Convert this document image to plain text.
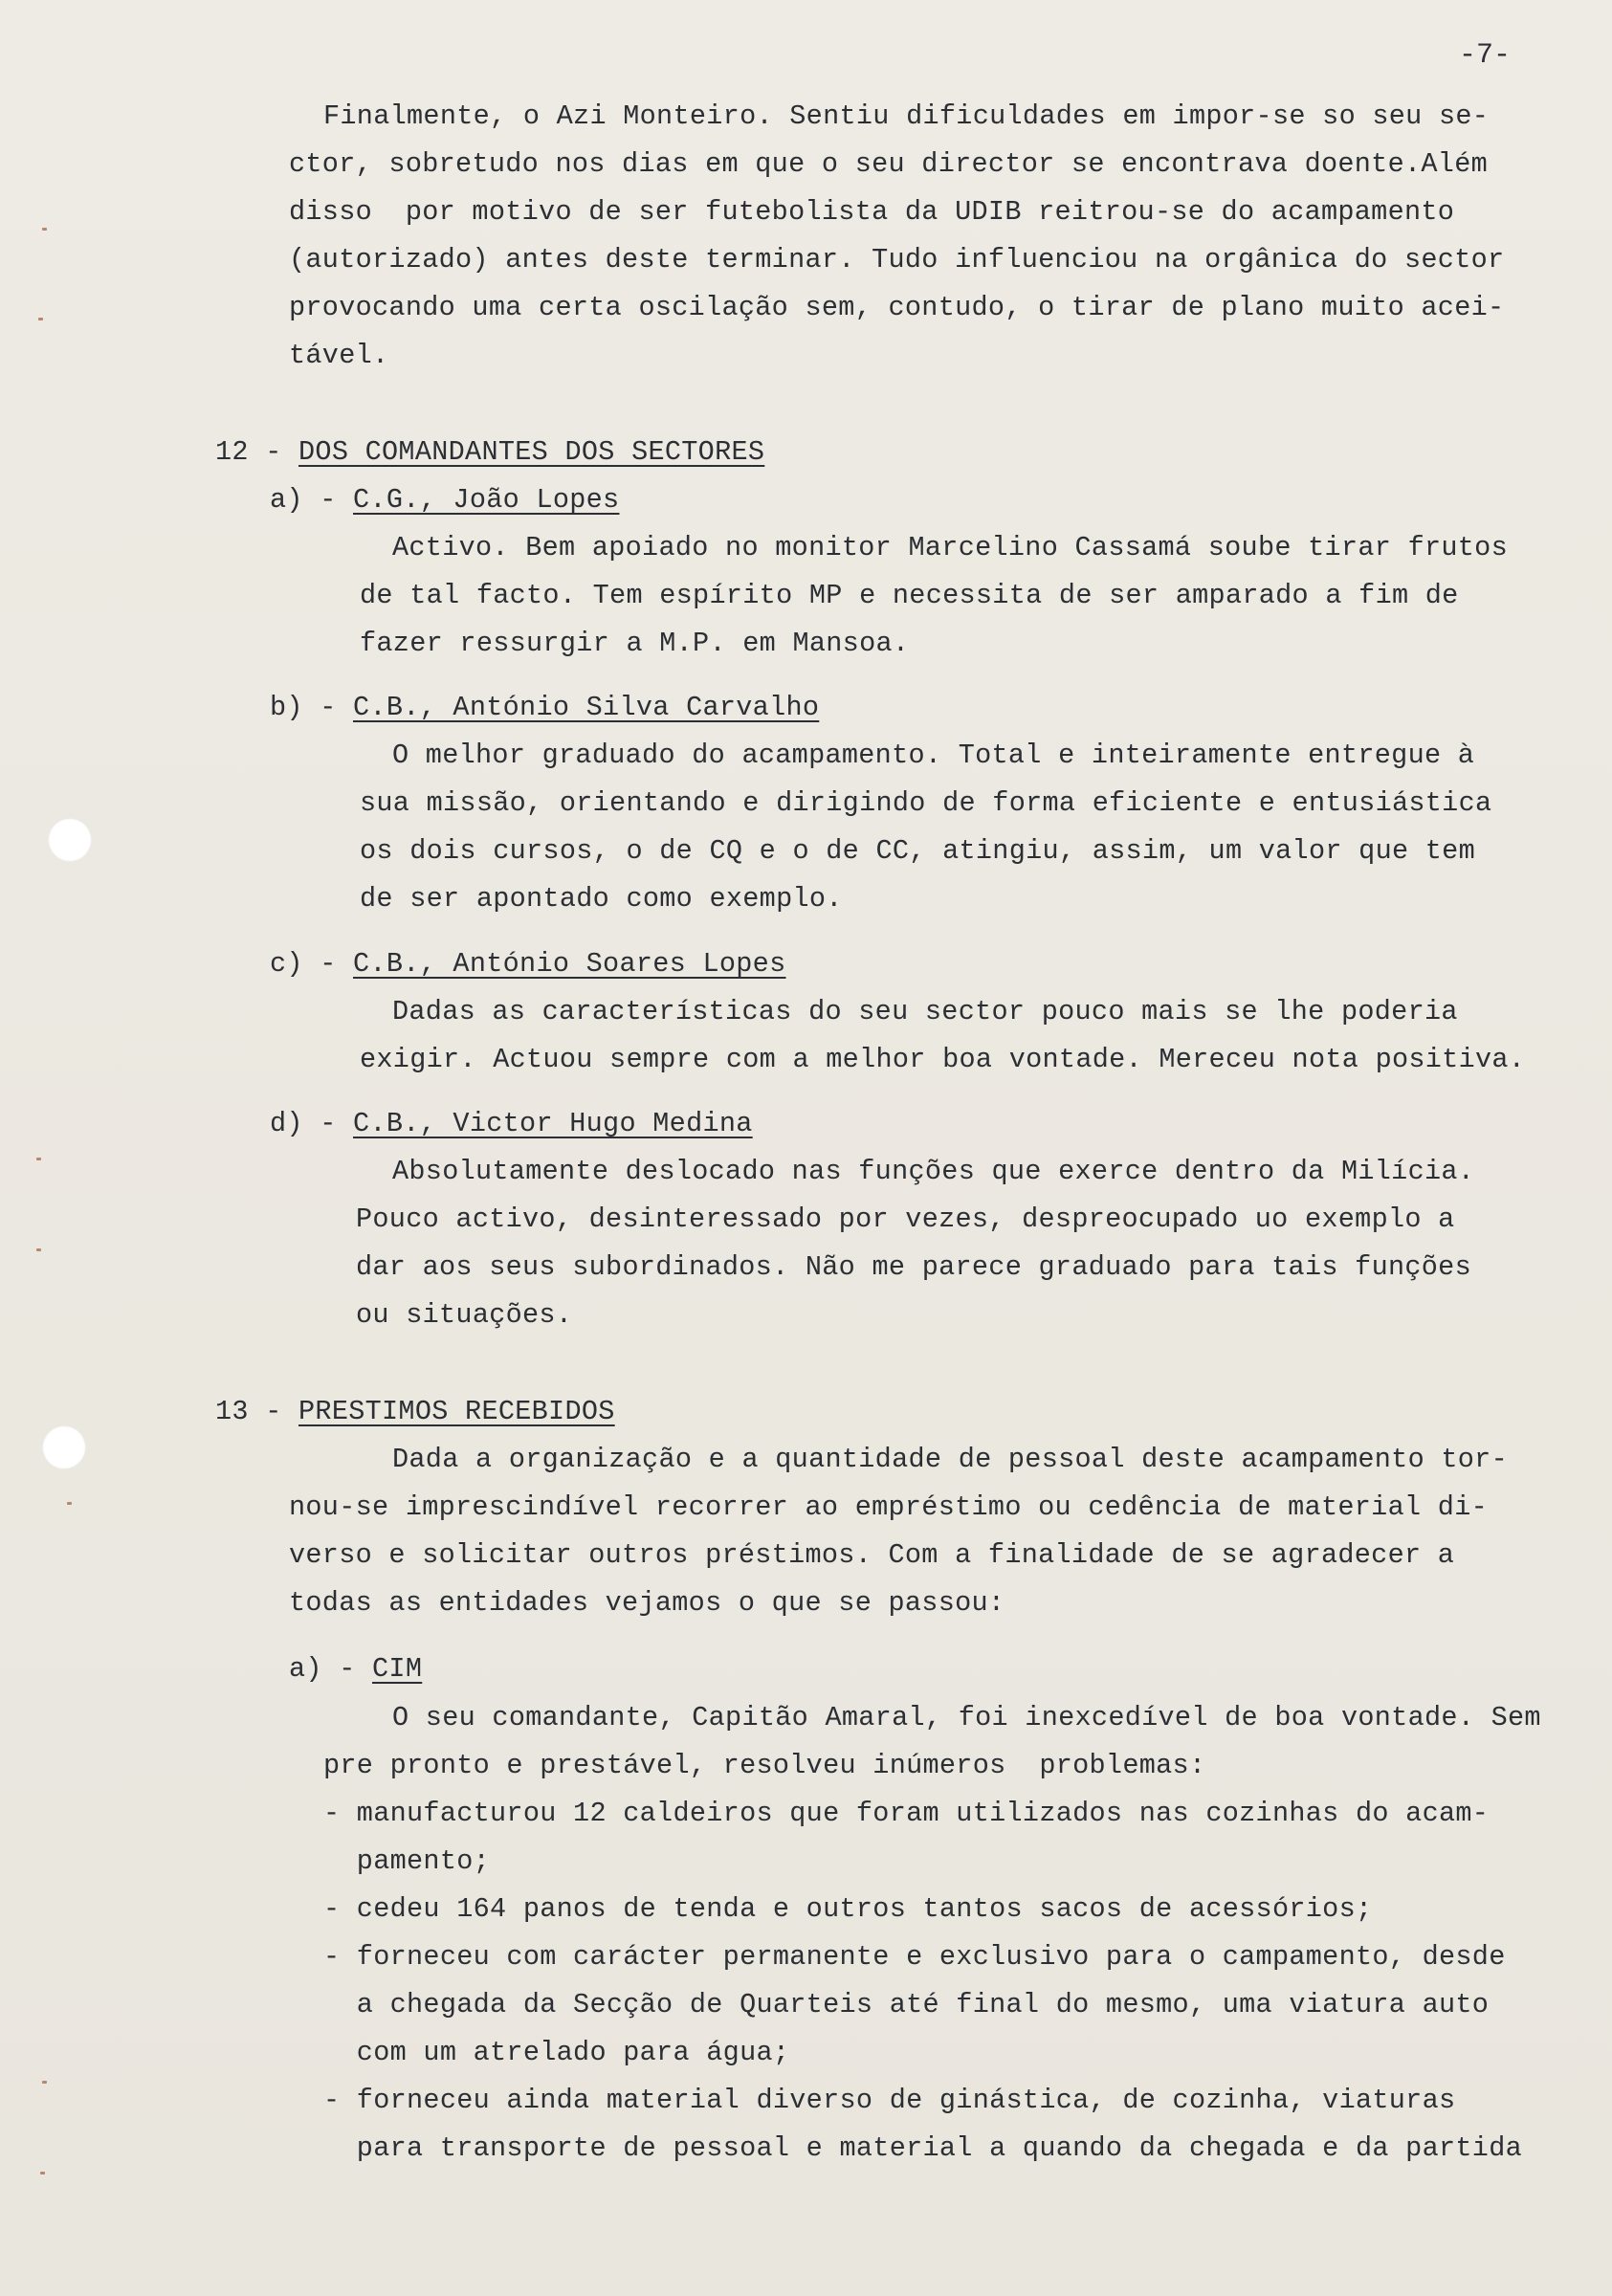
-7-
Finalmente, o Azi Monteiro. Sentiu dificuldades em impor-se so seu se-
ctor, sobretudo nos dias em que o seu director se encontrava doente.Além
disso  por motivo de ser futebolista da UDIB reitrou-se do acampamento
(autorizado) antes deste terminar. Tudo influenciou na orgânica do sector
provocando uma certa oscilação sem, contudo, o tirar de plano muito acei-
tável.
12 - DOS COMANDANTES DOS SECTORES
a) - C.G., João Lopes
Activo. Bem apoiado no monitor Marcelino Cassamá soube tirar frutos
de tal facto. Tem espírito MP e necessita de ser amparado a fim de
fazer ressurgir a M.P. em Mansoa.
b) - C.B., António Silva Carvalho
O melhor graduado do acampamento. Total e inteiramente entregue à
sua missão, orientando e dirigindo de forma eficiente e entusiástica
os dois cursos, o de CQ e o de CC, atingiu, assim, um valor que tem
de ser apontado como exemplo.
c) - C.B., António Soares Lopes
Dadas as características do seu sector pouco mais se lhe poderia
exigir. Actuou sempre com a melhor boa vontade. Mereceu nota positiva.
d) - C.B., Victor Hugo Medina
Absolutamente deslocado nas funções que exerce dentro da Milícia.
Pouco activo, desinteressado por vezes, despreocupado uo exemplo a
dar aos seus subordinados. Não me parece graduado para tais funções
ou situações.
13 - PRESTIMOS RECEBIDOS
Dada a organização e a quantidade de pessoal deste acampamento tor-
nou-se imprescindível recorrer ao empréstimo ou cedência de material di-
verso e solicitar outros préstimos. Com a finalidade de se agradecer a
todas as entidades vejamos o que se passou:
a) - CIM
O seu comandante, Capitão Amaral, foi inexcedível de boa vontade. Sem
pre pronto e prestável, resolveu inúmeros  problemas:
- manufacturou 12 caldeiros que foram utilizados nas cozinhas do acam-
pamento;
- cedeu 164 panos de tenda e outros tantos sacos de acessórios;
- forneceu com carácter permanente e exclusivo para o campamento, desde
a chegada da Secção de Quarteis até final do mesmo, uma viatura auto
com um atrelado para água;
- forneceu ainda material diverso de ginástica, de cozinha, viaturas
para transporte de pessoal e material a quando da chegada e da partida
